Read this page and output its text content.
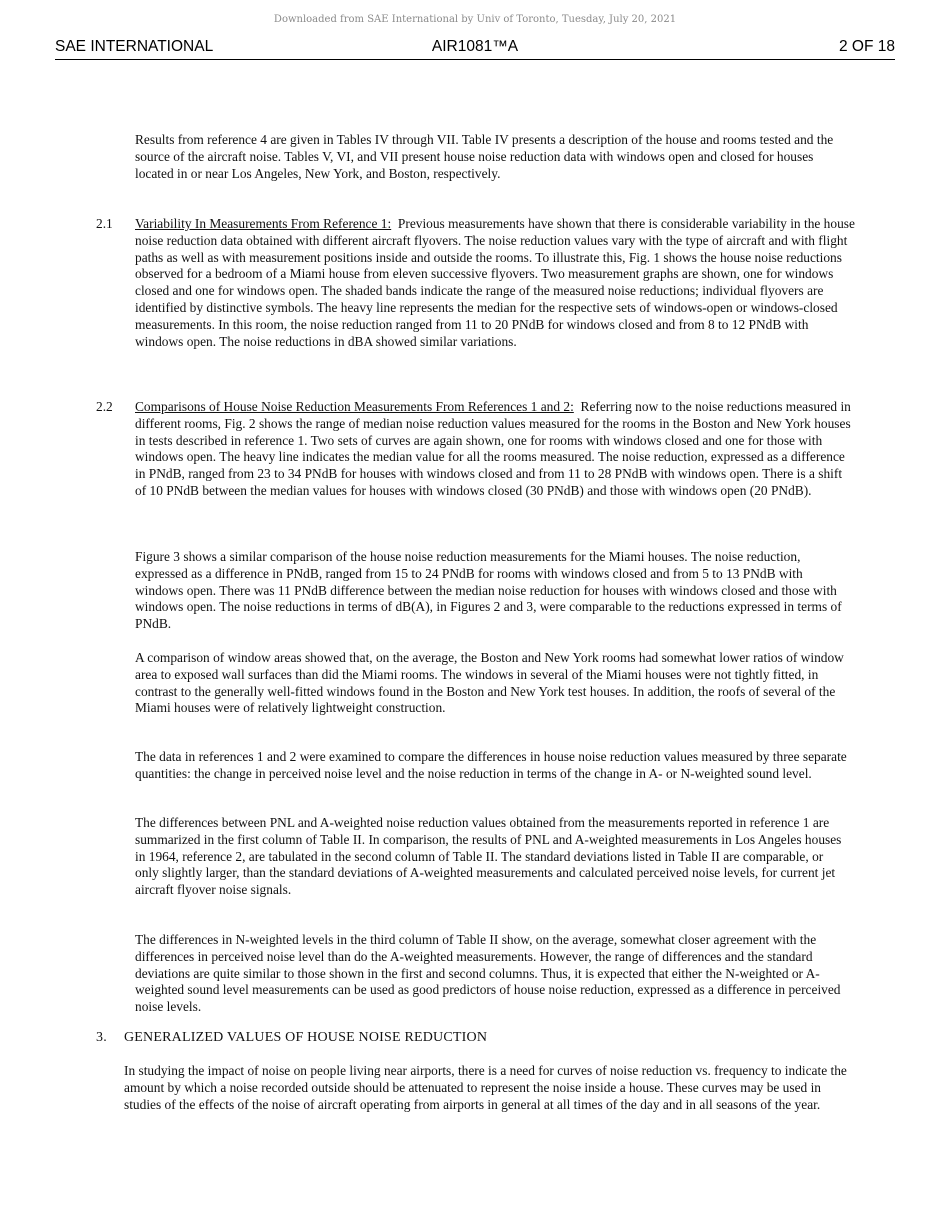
Downloaded from SAE International by Univ of Toronto, Tuesday, July 20, 2021
SAE INTERNATIONAL	AIR1081™A	2 OF 18
Results from reference 4 are given in Tables IV through VII. Table IV presents a description of the house and rooms tested and the source of the aircraft noise. Tables V, VI, and VII present house noise reduction data with windows open and closed for houses located in or near Los Angeles, New York, and Boston, respectively.
2.1 Variability In Measurements From Reference 1: Previous measurements have shown that there is considerable variability in the house noise reduction data obtained with different aircraft flyovers. The noise reduction values vary with the type of aircraft and with flight paths as well as with measurement positions inside and outside the rooms. To illustrate this, Fig. 1 shows the house noise reductions observed for a bedroom of a Miami house from eleven successive flyovers. Two measurement graphs are shown, one for windows closed and one for windows open. The shaded bands indicate the range of the measured noise reductions; individual flyovers are identified by distinctive symbols. The heavy line represents the median for the respective sets of windows-open or windows-closed measurements. In this room, the noise reduction ranged from 11 to 20 PNdB for windows closed and from 8 to 12 PNdB with windows open. The noise reductions in dBA showed similar variations.
2.2 Comparisons of House Noise Reduction Measurements From References 1 and 2: Referring now to the noise reductions measured in different rooms, Fig. 2 shows the range of median noise reduction values measured for the rooms in the Boston and New York houses in tests described in reference 1. Two sets of curves are again shown, one for rooms with windows closed and one for those with windows open. The heavy line indicates the median value for all the rooms measured. The noise reduction, expressed as a difference in PNdB, ranged from 23 to 34 PNdB for houses with windows closed and from 11 to 28 PNdB with windows open. There is a shift of 10 PNdB between the median values for houses with windows closed (30 PNdB) and those with windows open (20 PNdB).
Figure 3 shows a similar comparison of the house noise reduction measurements for the Miami houses. The noise reduction, expressed as a difference in PNdB, ranged from 15 to 24 PNdB for rooms with windows closed and from 5 to 13 PNdB with windows open. There was 11 PNdB difference between the median noise reduction for houses with windows closed and those with windows open. The noise reductions in terms of dB(A), in Figures 2 and 3, were comparable to the reductions expressed in terms of PNdB.
A comparison of window areas showed that, on the average, the Boston and New York rooms had somewhat lower ratios of window area to exposed wall surfaces than did the Miami rooms. The windows in several of the Miami houses were not tightly fitted, in contrast to the generally well-fitted windows found in the Boston and New York test houses. In addition, the roofs of several of the Miami houses were of relatively lightweight construction.
The data in references 1 and 2 were examined to compare the differences in house noise reduction values measured by three separate quantities: the change in perceived noise level and the noise reduction in terms of the change in A- or N-weighted sound level.
The differences between PNL and A-weighted noise reduction values obtained from the measurements reported in reference 1 are summarized in the first column of Table II. In comparison, the results of PNL and A-weighted measurements in Los Angeles houses in 1964, reference 2, are tabulated in the second column of Table II. The standard deviations listed in Table II are comparable, or only slightly larger, than the standard deviations of A-weighted measurements and calculated perceived noise levels, for current jet aircraft flyover noise signals.
The differences in N-weighted levels in the third column of Table II show, on the average, somewhat closer agreement with the differences in perceived noise level than do the A-weighted measurements. However, the range of differences and the standard deviations are quite similar to those shown in the first and second columns. Thus, it is expected that either the N-weighted or A-weighted sound level measurements can be used as good predictors of house noise reduction, expressed as a difference in perceived noise levels.
3. GENERALIZED VALUES OF HOUSE NOISE REDUCTION
In studying the impact of noise on people living near airports, there is a need for curves of noise reduction vs. frequency to indicate the amount by which a noise recorded outside should be attenuated to represent the noise inside a house. These curves may be used in studies of the effects of the noise of aircraft operating from airports in general at all times of the day and in all seasons of the year.
